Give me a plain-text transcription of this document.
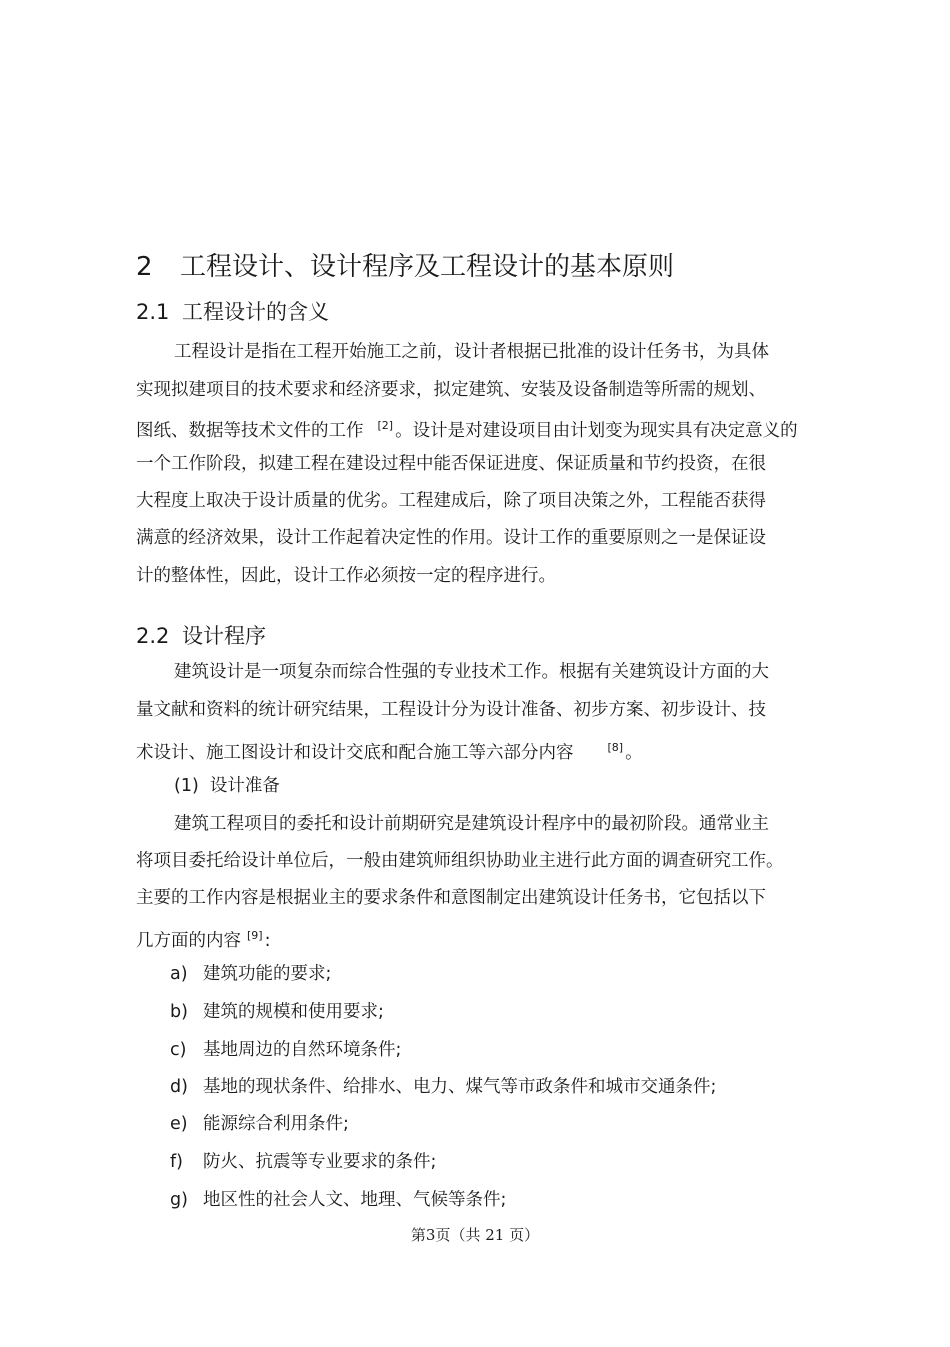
2 工程设计、设计程序及工程设计的基本原则
2.1 工程设计的含义
工程设计是指在工程开始施工之前，设计者根据已批准的设计任务书，为具体
实现拟建项目的技术要求和经济要求，拟定建筑、安装及设备制造等所需的规划、
图纸、数据等技术文件的工作 [2] 。设计是对建设项目由计划变为现实具有决定意义的
一个工作阶段，拟建工程在建设过程中能否保证进度、保证质量和节约投资，在很
大程度上取决于设计质量的优劣。工程建成后，除了项目决策之外，工程能否获得
满意的经济效果，设计工作起着决定性的作用。设计工作的重要原则之一是保证设
计的整体性，因此，设计工作必须按一定的程序进行。
2.2 设计程序
建筑设计是一项复杂而综合性强的专业技术工作。根据有关建筑设计方面的大
量文献和资料的统计研究结果，工程设计分为设计准备、初步方案、初步设计、技
术设计、施工图设计和设计交底和配合施工等六部分内容	[8] 。
(1)  设计准备
建筑工程项目的委托和设计前期研究是建筑设计程序中的最初阶段。通常业主
将项目委托给设计单位后，一般由建筑师组织协助业主进行此方面的调查研究工作。
主要的工作内容是根据业主的要求条件和意图制定出建筑设计任务书，它包括以下
几方面的内容 [9] :
a) 建筑功能的要求;
b) 建筑的规模和使用要求;
c) 基地周边的自然环境条件;
d) 基地的现状条件、给排水、电力、煤气等市政条件和城市交通条件;
e) 能源综合利用条件;
f) 防火、抗震等专业要求的条件;
g) 地区性的社会人文、地理、气候等条件;
第3页（共 21 页）
